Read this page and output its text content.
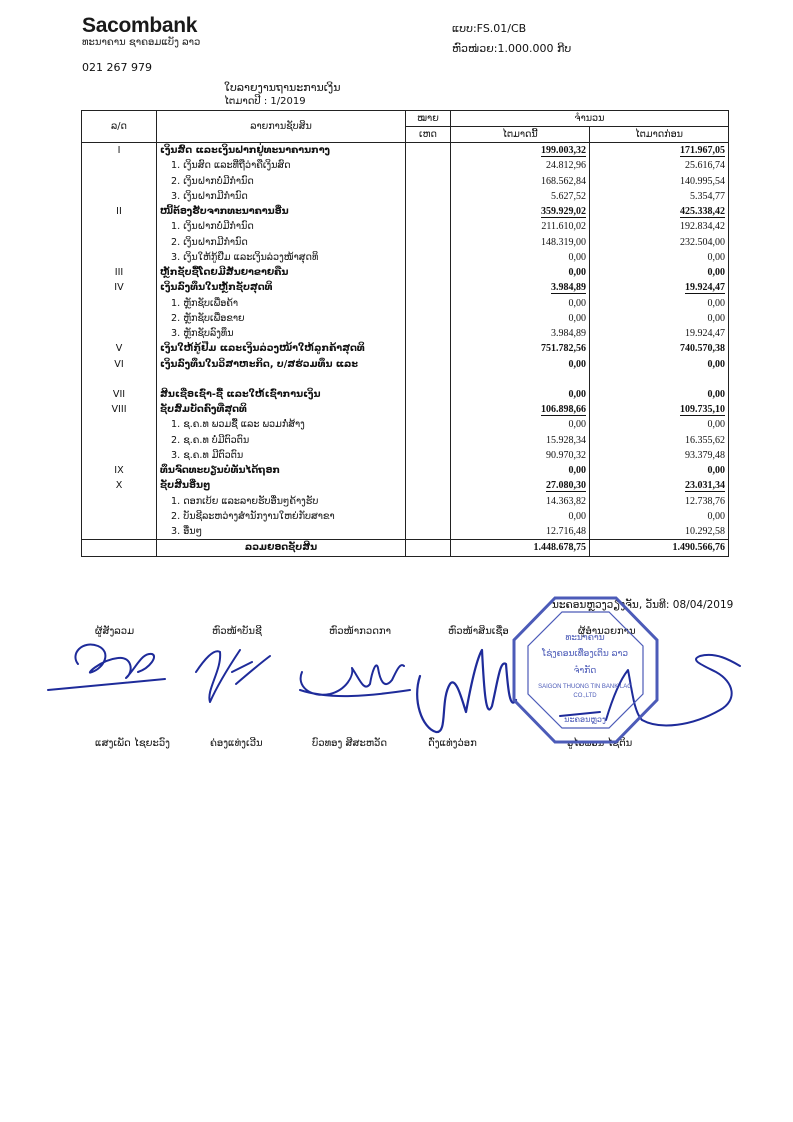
Sacombank
ທະນາຄານ ຊາຄອມແບັງ ລາວ
021 267 979
ແບບ:FS.01/CB
ຫົວໜ່ວຍ:1.000.000 ກີບ
ໃບລາຍງານຖານະການເງິນ
ໄຕມາດປີ : 1/2019
ລ/ດ	ລາຍການຊັບສິນ	ໝາຍ	ຈຳນວນ	
		ເຫດ	ໄຕມາດນີ້	ໄຕມາດກ່ອນ
I	ເງິນສົດ ແລະເງິນຝາກຢູ່ທະນາຄານກາງ		199.003,32	171.967,05
	1. ເງິນສົດ ແລະທີ່ຖືວ່າຄືເງິນສົດ		24.812,96	25.616,74
	2. ເງິນຝາກບໍ່ມີກຳນົດ		168.562,84	140.995,54
	3. ເງິນຝາກມີກຳນົດ		5.627,52	5.354,77
II	ໜີ້ຕ້ອງຮັບຈາກທະນາຄານອື່ນ		359.929,02	425.338,42
	1. ເງິນຝາກບໍ່ມີກຳນົດ		211.610,02	192.834,42
	2. ເງິນຝາກມີກຳນົດ		148.319,00	232.504,00
	3. ເງິນໃຫ້ກູ້ຢືມ ແລະເງິນລ່ວງໜ້າສຸດທິ		0,00	0,00
III	ຫຼັກຊັບຊື້ໂດຍມີສັນຍາຂາຍຄືນ		0,00	0,00
IV	ເງິນລົງທຶນໃນຫຼັກຊັບສຸດທິ		3.984,89	19.924,47
	1. ຫຼັກຊັບເພື່ອຄ້າ		0,00	0,00
	2. ຫຼັກຊັບເພື່ອຂາຍ		0,00	0,00
	3. ຫຼັກຊັບລົງທຶນ		3.984,89	19.924,47
V	ເງິນໃຫ້ກູ້ຢືມ ແລະເງິນລ່ວງໜ້າໃຫ້ລູກຄ້າສຸດທິ		751.782,56	740.570,38
VI	ເງິນລົງທຶນໃນວິສາຫະກິດ, ບ/ສຮ່ວມທຶນ ແລະ		0,00	0,00

VII	ສິນເຊື່ອເຊົ່າ-ຊື້ ແລະໃຫ້ເຊົ່າການເງິນ		0,00	0,00
VIII	ຊັບສົມບັດຄົງທີ່ສຸດທິ		106.898,66	109.735,10
	1. ຊ.ຄ.ທ ພວມຊື້ ແລະ ພວມກໍ່ສ້າງ		0,00	0,00
	2. ຊ.ຄ.ທ ບໍ່ມີຕົວຕົນ		15.928,34	16.355,62
	3. ຊ.ຄ.ທ ມີຕົວຕົນ		90.970,32	93.379,48
IX	ທຶນຈົດທະບຽນບໍ່ທັນໄດ້ຖອກ		0,00	0,00
X	ຊັບສິນອື່ນໆ		27.080,30	23.031,34
	1. ດອກເບ້ຍ ແລະລາຍຮັບອື່ນໆຄ້າງຮັບ		14.363,82	12.738,76
	2. ບັນຊີລະຫວ່າງສຳນັກງານໃຫຍ່ກັບສາຂາ		0,00	0,00
	3. ອື່ນໆ		12.716,48	10.292,58
	ລວມຍອດຊັບສິນ		1.448.678,75	1.490.566,76
ນະຄອນຫຼວງວຽງຈັນ, ວັນທີ: 08/04/2019
ຜູ້ສັງລວມ	ຫົວໜ້າບັນຊີ	ຫົວໜ້າກວດກາ	ຫົວໜ້າສິນເຊື່ອ	ຜູ້ອຳນວຍການ
ແສງເພັດ ໄຊຍະວົງ	ຄ່ອງແທ່ງເວີນ	ບົວທອງ ສີສະຫວັດ	ດົ່ງແທ່ງວ່ອກ	ອູໄວພອນ ໄຊຕິນ
ທະນາຄານ
ໂຊ່ງຄອນເທື່ອງເຕິນ ລາວ
ຈຳກັດ
SAIGON THUONG TIN BANK LAO
CO.,LTD
ນະຄອນຫຼວງ
